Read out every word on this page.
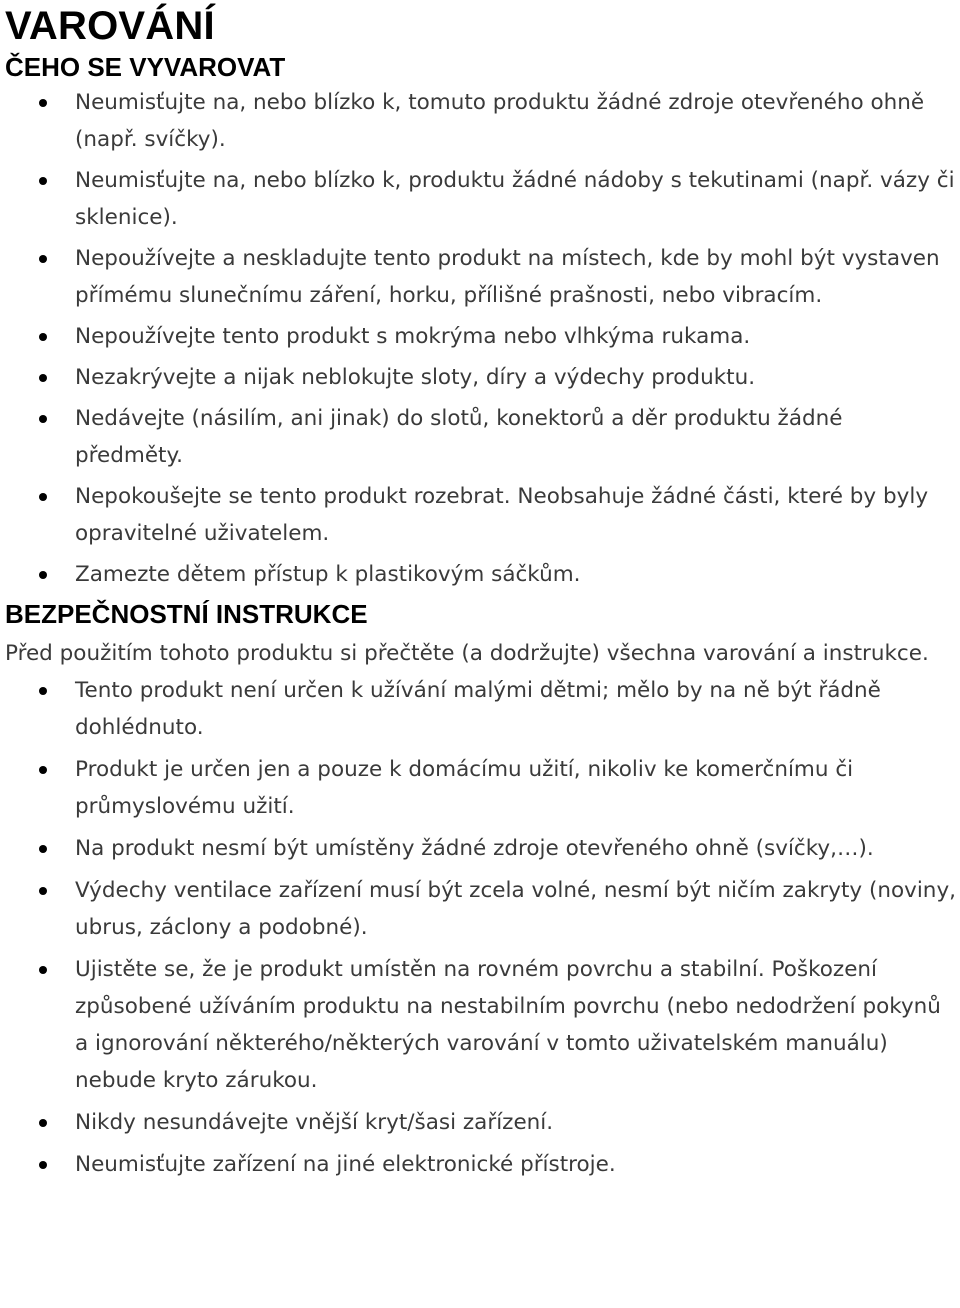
VAROVÁNÍ
ČEHO SE VYVAROVAT
Neumisťujte na, nebo blízko k, tomuto produktu žádné zdroje otevřeného ohně (např. svíčky).
Neumisťujte na, nebo blízko k, produktu žádné nádoby s tekutinami (např. vázy či sklenice).
Nepoužívejte a neskladujte tento produkt na místech, kde by mohl být vystaven přímému slunečnímu záření, horku, přílišné prašnosti, nebo vibracím.
Nepoužívejte tento produkt s mokrýma nebo vlhkýma rukama.
Nezakrývejte a nijak neblokujte sloty, díry a výdechy produktu.
Nedávejte (násilím, ani jinak) do slotů, konektorů a děr produktu žádné předměty.
Nepokoušejte se tento produkt rozebrat. Neobsahuje žádné části, které by byly opravitelné uživatelem.
Zamezte dětem přístup k plastikovým sáčkům.
BEZPEČNOSTNÍ INSTRUKCE

Před použitím tohoto produktu si přečtěte (a dodržujte) všechna varování a instrukce.

Tento produkt není určen k užívání malými dětmi; mělo by na ně být řádně dohlédnuto.
Produkt je určen jen a pouze k domácímu užití, nikoliv ke komerčnímu či průmyslovému užití.
Na produkt nesmí být umístěny žádné zdroje otevřeného ohně (svíčky,…).
Výdechy ventilace zařízení musí být zcela volné, nesmí být ničím zakryty (noviny, ubrus, záclony a podobné).
Ujistěte se, že je produkt umístěn na rovném povrchu a stabilní. Poškození způsobené užíváním produktu na nestabilním povrchu (nebo nedodržení pokynů a ignorování některého/některých varování v tomto uživatelském manuálu) nebude kryto zárukou.
Nikdy nesundávejte vnější kryt/šasi zařízení.
Neumisťujte zařízení na jiné elektronické přístroje.
